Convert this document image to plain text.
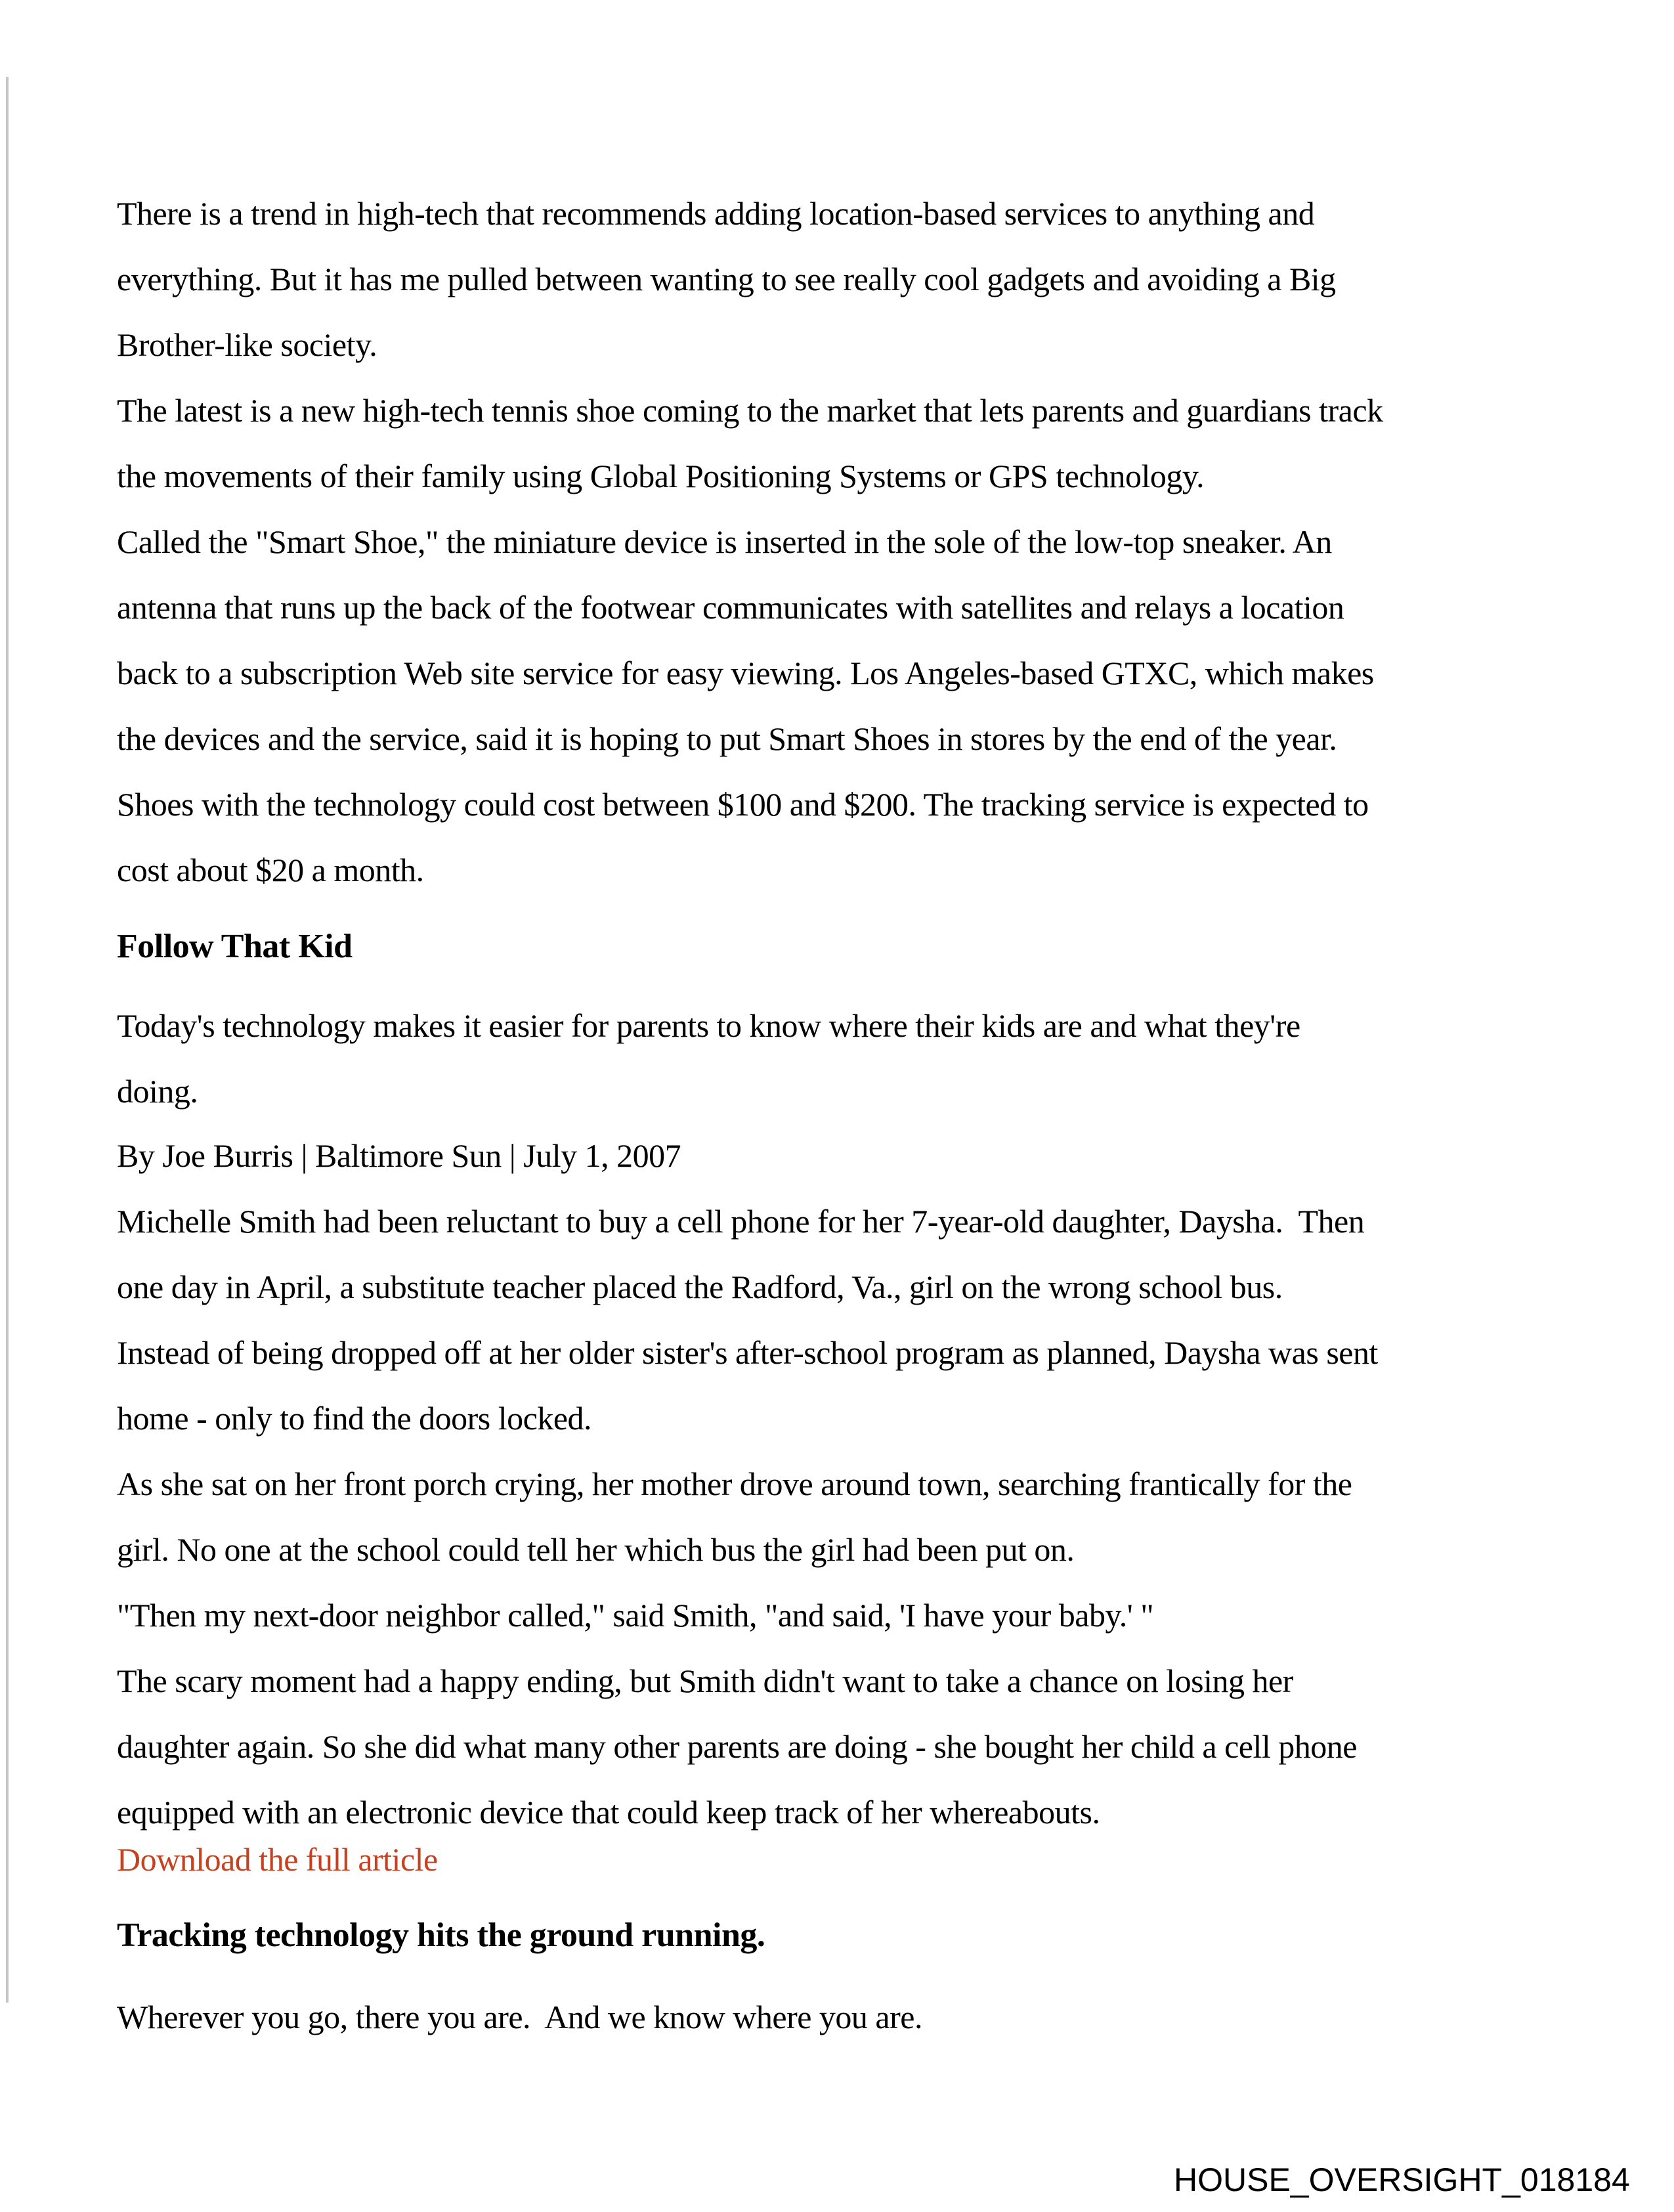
There is a trend in high-tech that recommends adding location-based services to anything and
everything. But it has me pulled between wanting to see really cool gadgets and avoiding a Big
Brother-like society.
The latest is a new high-tech tennis shoe coming to the market that lets parents and guardians track
the movements of their family using Global Positioning Systems or GPS technology.
Called the "Smart Shoe," the miniature device is inserted in the sole of the low-top sneaker. An
antenna that runs up the back of the footwear communicates with satellites and relays a location
back to a subscription Web site service for easy viewing. Los Angeles-based GTXC, which makes
the devices and the service, said it is hoping to put Smart Shoes in stores by the end of the year.
Shoes with the technology could cost between $100 and $200. The tracking service is expected to
cost about $20 a month.
Follow That Kid
Today's technology makes it easier for parents to know where their kids are and what they're
doing.
By Joe Burris | Baltimore Sun | July 1, 2007
Michelle Smith had been reluctant to buy a cell phone for her 7-year-old daughter, Daysha.  Then
one day in April, a substitute teacher placed the Radford, Va., girl on the wrong school bus.
Instead of being dropped off at her older sister's after-school program as planned, Daysha was sent
home - only to find the doors locked.
As she sat on her front porch crying, her mother drove around town, searching frantically for the
girl. No one at the school could tell her which bus the girl had been put on.
"Then my next-door neighbor called," said Smith, "and said, 'I have your baby.' "
The scary moment had a happy ending, but Smith didn't want to take a chance on losing her
daughter again. So she did what many other parents are doing - she bought her child a cell phone
equipped with an electronic device that could keep track of her whereabouts.
Download the full article
Tracking technology hits the ground running.
Wherever you go, there you are.  And we know where you are.
HOUSE_OVERSIGHT_018184
